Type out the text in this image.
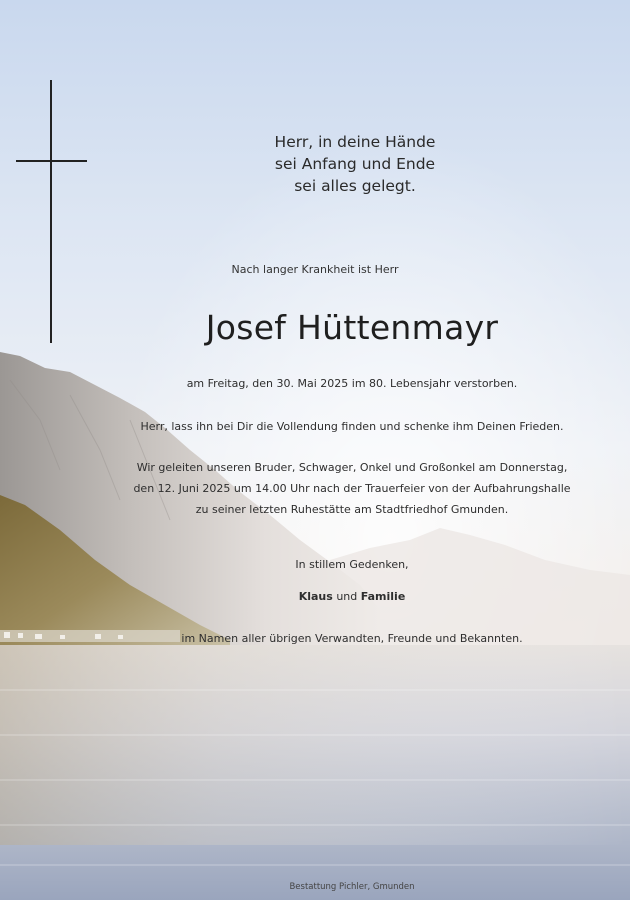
Herr, in deine Hände
sei Anfang und Ende
sei alles gelegt.
Nach langer Krankheit ist Herr
Josef Hüttenmayr
am Freitag, den 30. Mai 2025 im 80. Lebensjahr verstorben.
Herr, lass ihn bei Dir die Vollendung finden und schenke ihm Deinen Frieden.
Wir geleiten unseren Bruder, Schwager, Onkel und Großonkel am Donnerstag,
den 12. Juni 2025 um 14.00 Uhr nach der Trauerfeier von der Aufbahrungshalle
zu seiner letzten Ruhestätte am Stadtfriedhof Gmunden.
In stillem Gedenken,
Klaus und Familie
im Namen aller übrigen Verwandten, Freunde und Bekannten.
Bestattung Pichler, Gmunden
